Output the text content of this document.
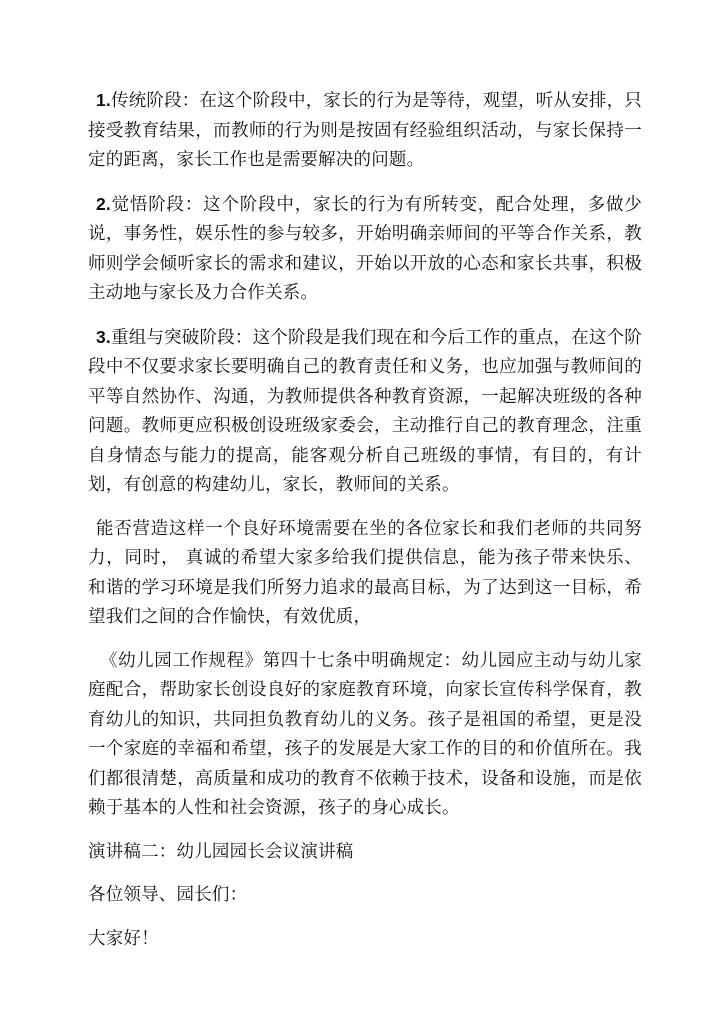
1.传统阶段：在这个阶段中，家长的行为是等待，观望，听从安排，只接受教育结果，而教师的行为则是按固有经验组织活动，与家长保持一定的距离，家长工作也是需要解决的问题。

2.觉悟阶段：这个阶段中，家长的行为有所转变，配合处理，多做少说，事务性，娱乐性的参与较多，开始明确亲师间的平等合作关系，教师则学会倾听家长的需求和建议，开始以开放的心态和家长共事，积极主动地与家长及力合作关系。

3.重组与突破阶段：这个阶段是我们现在和今后工作的重点，在这个阶段中不仅要求家长要明确自己的教育责任和义务，也应加强与教师间的平等自然协作、沟通，为教师提供各种教育资源，一起解决班级的各种问题。教师更应积极创设班级家委会，主动推行自己的教育理念，注重自身情态与能力的提高，能客观分析自己班级的事情，有目的，有计划，有创意的构建幼儿，家长，教师间的关系。

能否营造这样一个良好环境需要在坐的各位家长和我们老师的共同努力，同时， 真诚的希望大家多给我们提供信息，能为孩子带来快乐、和谐的学习环境是我们所努力追求的最高目标，为了达到这一目标，希望我们之间的合作愉快，有效优质，

《幼儿园工作规程》第四十七条中明确规定：幼儿园应主动与幼儿家庭配合，帮助家长创设良好的家庭教育环境，向家长宣传科学保育，教育幼儿的知识，共同担负教育幼儿的义务。孩子是祖国的希望，更是没一个家庭的幸福和希望，孩子的发展是大家工作的目的和价值所在。我们都很清楚，高质量和成功的教育不依赖于技术，设备和设施，而是依赖于基本的人性和社会资源，孩子的身心成长。

演讲稿二：幼儿园园长会议演讲稿

各位领导、园长们：

大家好！
